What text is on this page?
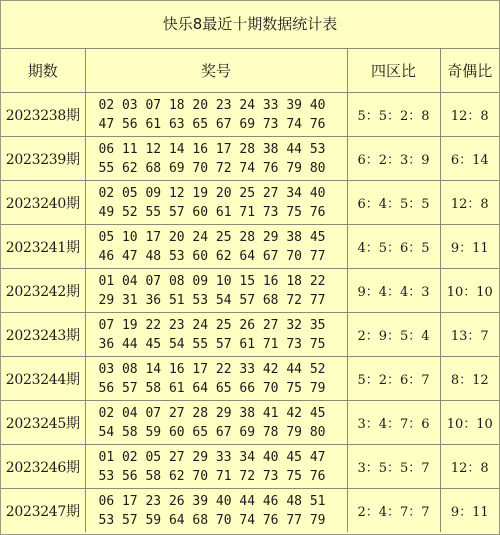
快乐8最近十期数据统计表
期数	奖号	四区比	奇偶比
2023238期	02 03 07 18 20 23 24 33 39 40
47 56 61 63 65 67 69 73 74 76	5：5：2：8	12：8
2023239期	06 11 12 14 16 17 28 38 44 53
55 62 68 69 70 72 74 76 79 80	6：2：3：9	6：14
2023240期	02 05 09 12 19 20 25 27 34 40
49 52 55 57 60 61 71 73 75 76	6：4：5：5	12：8
2023241期	05 10 17 20 24 25 28 29 38 45
46 47 48 53 60 62 64 67 70 77	4：5：6：5	9：11
2023242期	01 04 07 08 09 10 15 16 18 22
29 31 36 51 53 54 57 68 72 77	9：4：4：3	10：10
2023243期	07 19 22 23 24 25 26 27 32 35
36 44 45 54 55 57 61 71 73 75	2：9：5：4	13：7
2023244期	03 08 14 16 17 22 33 42 44 52
56 57 58 61 64 65 66 70 75 79	5：2：6：7	8：12
2023245期	02 04 07 27 28 29 38 41 42 45
54 58 59 60 65 67 69 78 79 80	3：4：7：6	10：10
2023246期	01 02 05 27 29 33 34 40 45 47
53 56 58 62 70 71 72 73 75 76	3：5：5：7	12：8
2023247期	06 17 23 26 39 40 44 46 48 51
53 57 59 64 68 70 74 76 77 79	2：4：7：7	9：11
